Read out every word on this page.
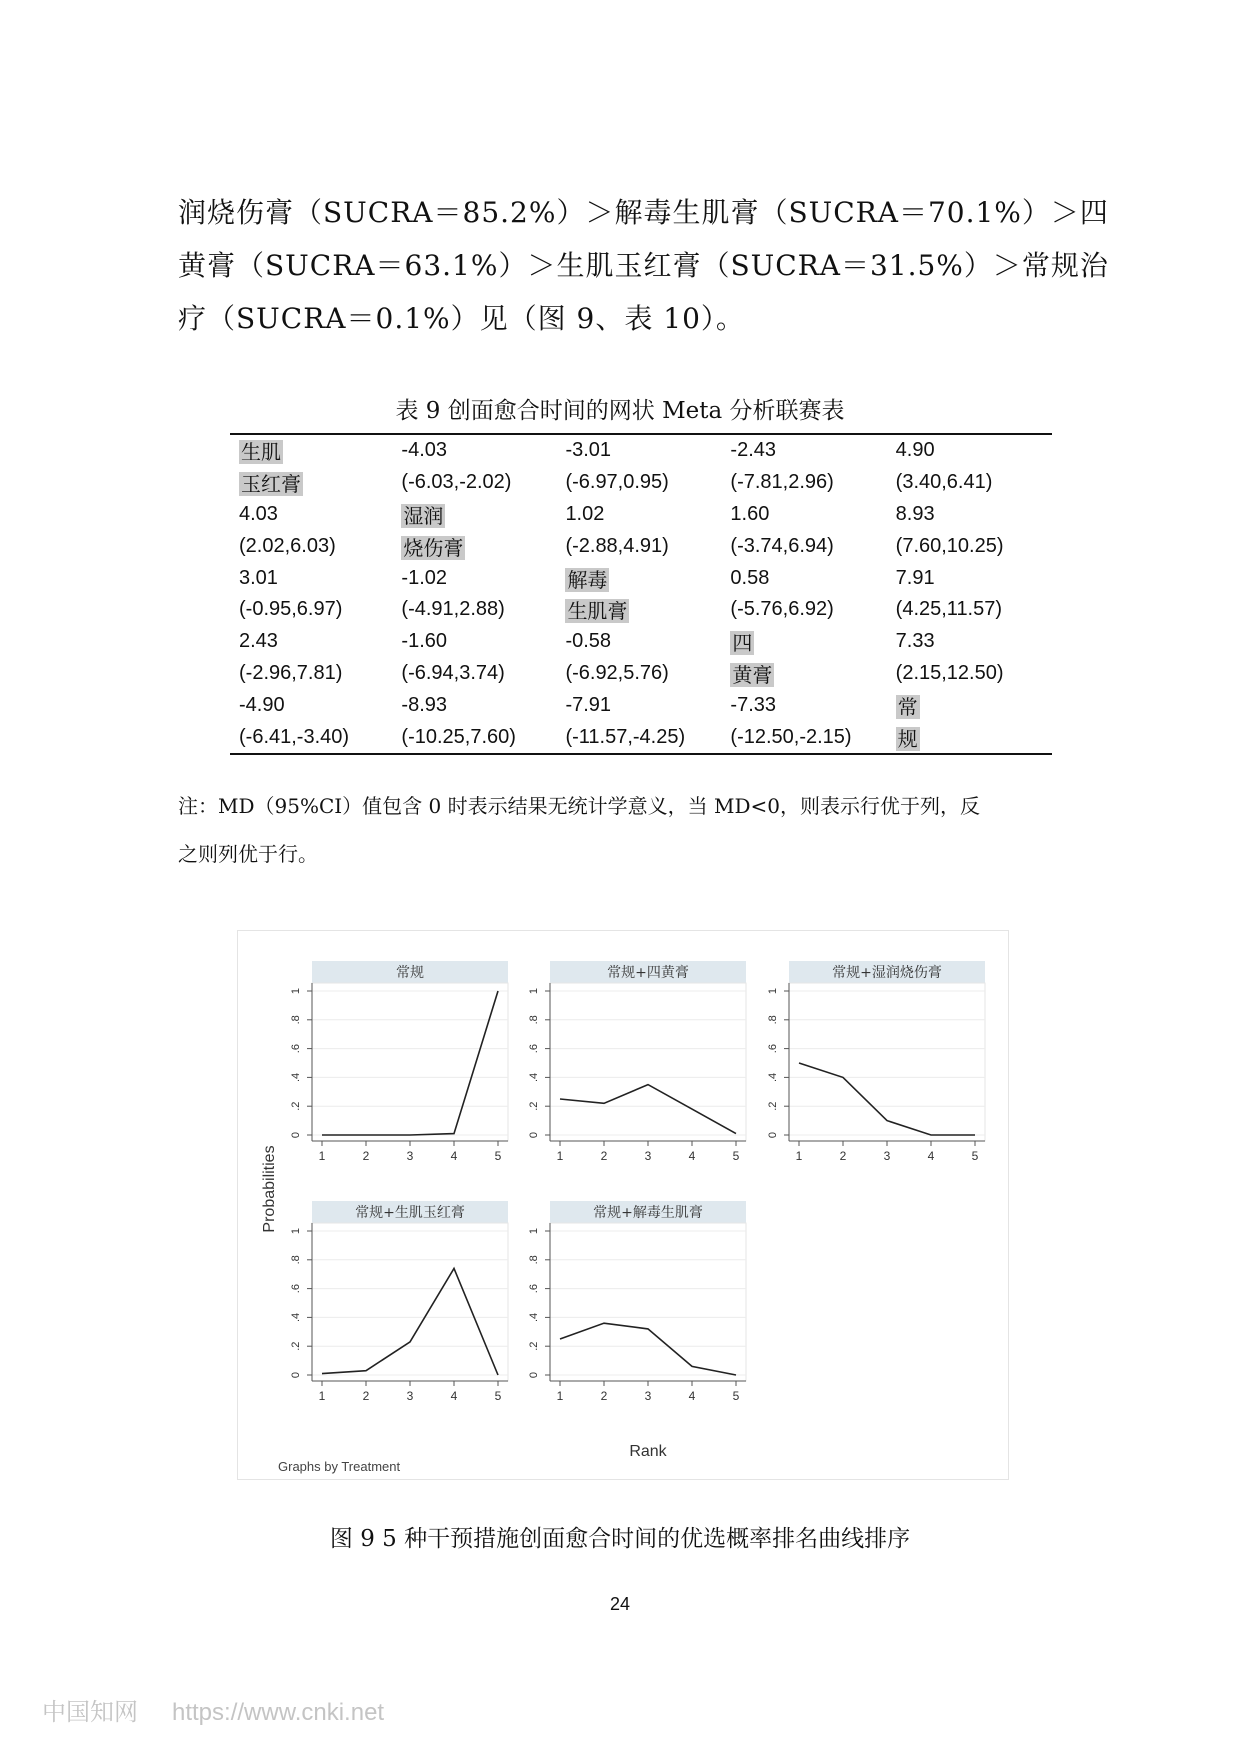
润烧伤膏（SUCRA＝85.2%）＞解毒生肌膏（SUCRA＝70.1%）＞四
黄膏（SUCRA＝63.1%）＞生肌玉红膏（SUCRA＝31.5%）＞常规治
疗（SUCRA＝0.1%）见（图 9、表 10）。
表 9 创面愈合时间的网状 Meta 分析联赛表
生肌	-4.03	-3.01	-2.43	4.90
玉红膏	(-6.03,-2.02)	(-6.97,0.95)	(-7.81,2.96)	(3.40,6.41)
4.03	湿润	1.02	1.60	8.93
(2.02,6.03)	烧伤膏	(-2.88,4.91)	(-3.74,6.94)	(7.60,10.25)
3.01	-1.02	解毒	0.58	7.91
(-0.95,6.97)	(-4.91,2.88)	生肌膏	(-5.76,6.92)	(4.25,11.57)
2.43	-1.60	-0.58	四	7.33
(-2.96,7.81)	(-6.94,3.74)	(-6.92,5.76)	黄膏	(2.15,12.50)
-4.90	-8.93	-7.91	-7.33	常
(-6.41,-3.40)	(-10.25,7.60)	(-11.57,-4.25)	(-12.50,-2.15)	规
注：MD（95%CI）值包含 0 时表示结果无统计学意义，当 MD<0，则表示行优于列，反
之则列优于行。
常规
0
.2
.4
.6
.8
1
1	2	3	4	5
常规+四黄膏
0
.2
.4
.6
.8
1
1	2	3	4	5
常规+湿润烧伤膏
0
.2
.4
.6
.8
1
1	2	3	4	5
常规+生肌玉红膏
0
.2
.4
.6
.8
1
1	2	3	4	5
常规+解毒生肌膏
0
.2
.4
.6
.8
1
1	2	3	4	5
Probabilities
Rank
Graphs by Treatment
图 9 5 种干预措施创面愈合时间的优选概率排名曲线排序
24
中国知网 https://www.cnki.net
